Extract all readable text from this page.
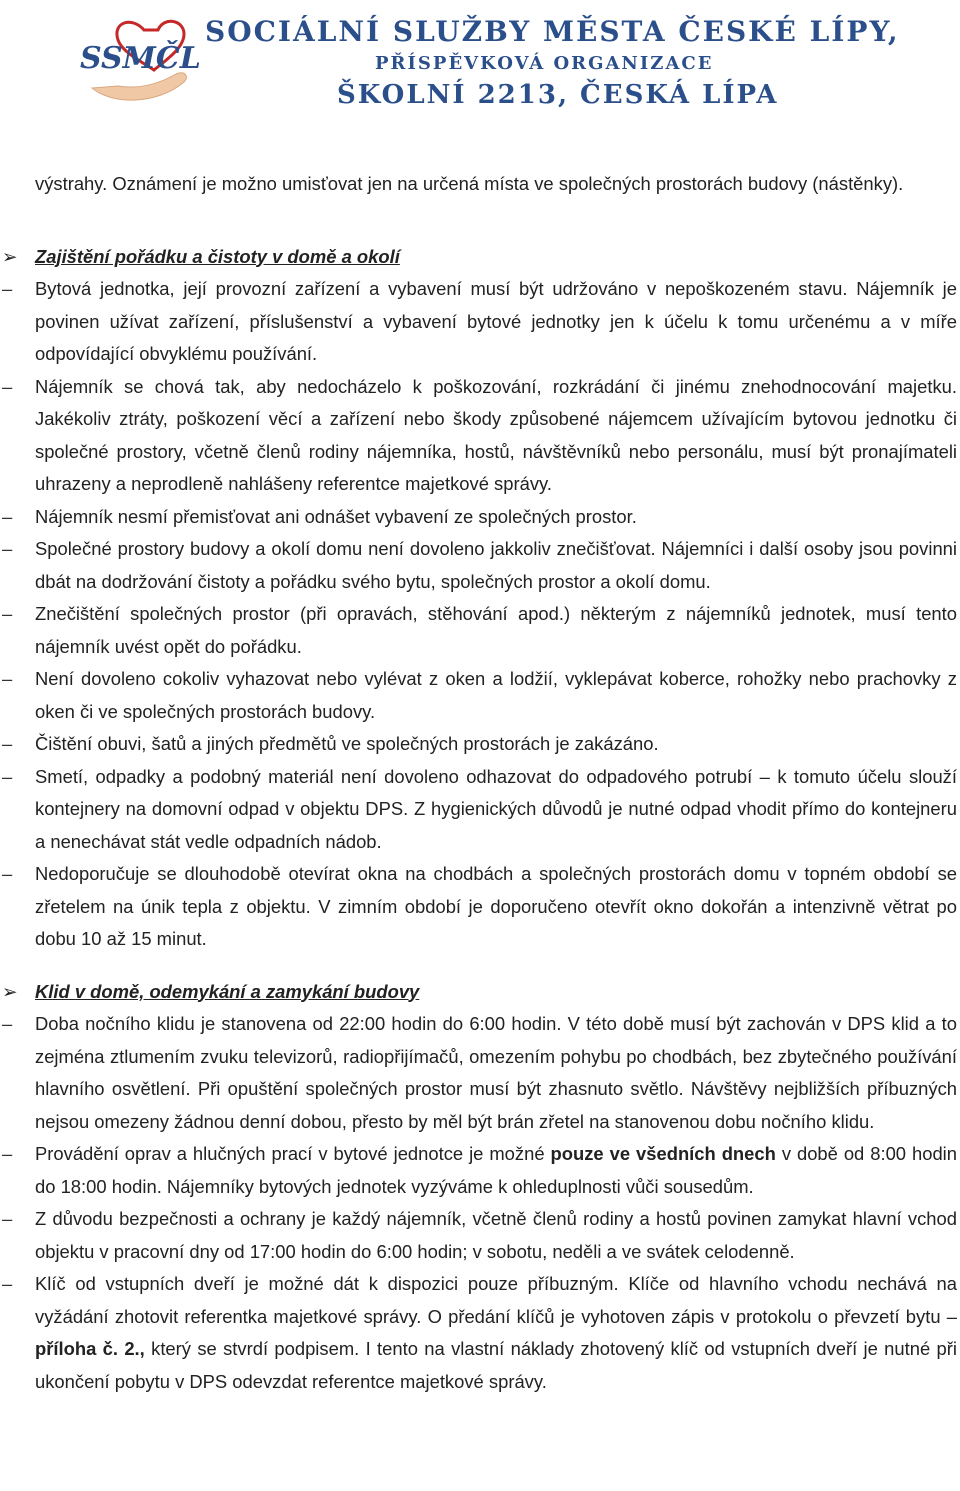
SSMČL
SOCIÁLNÍ SLUŽBY MĚSTA ČESKÉ LÍPY,
PŘÍSPĚVKOVÁ ORGANIZACE
ŠKOLNÍ 2213, ČESKÁ LÍPA

výstrahy. Oznámení je možno umisťovat jen na určená místa ve společných prostorách budovy (nástěnky).

➢ Zajištění pořádku a čistoty v domě a okolí

– Bytová jednotka, její provozní zařízení a vybavení musí být udržováno v nepoškozeném stavu. Nájemník je povinen užívat zařízení, příslušenství a vybavení bytové jednotky jen k účelu k tomu určenému a v míře odpovídající obvyklému používání.

– Nájemník se chová tak, aby nedocházelo k poškozování, rozkrádání či jinému znehodnocování majetku. Jakékoliv ztráty, poškození věcí a zařízení nebo škody způsobené nájemcem užívajícím bytovou jednotku či společné prostory, včetně členů rodiny nájemníka, hostů, návštěvníků nebo personálu, musí být pronajímateli uhrazeny a neprodleně nahlášeny referentce majetkové správy.

– Nájemník nesmí přemisťovat ani odnášet vybavení ze společných prostor.

– Společné prostory budovy a okolí domu není dovoleno jakkoliv znečišťovat. Nájemníci i další osoby jsou povinni dbát na dodržování čistoty a pořádku svého bytu, společných prostor a okolí domu.

– Znečištění společných prostor (při opravách, stěhování apod.) některým z nájemníků jednotek, musí tento nájemník uvést opět do pořádku.

– Není dovoleno cokoliv vyhazovat nebo vylévat z oken a lodžií, vyklepávat koberce, rohožky nebo prachovky z oken či ve společných prostorách budovy.

– Čištění obuvi, šatů a jiných předmětů ve společných prostorách je zakázáno.

– Smetí, odpadky a podobný materiál není dovoleno odhazovat do odpadového potrubí – k tomuto účelu slouží kontejnery na domovní odpad v objektu DPS. Z hygienických důvodů je nutné odpad vhodit přímo do kontejneru a nenechávat stát vedle odpadních nádob.

– Nedoporučuje se dlouhodobě otevírat okna na chodbách a společných prostorách domu v topném období se zřetelem na únik tepla z objektu. V zimním období je doporučeno otevřít okno dokořán a intenzivně větrat po dobu 10 až 15 minut.

➢ Klid v domě, odemykání a zamykání budovy

– Doba nočního klidu je stanovena od 22:00 hodin do 6:00 hodin. V této době musí být zachován v DPS klid a to zejména ztlumením zvuku televizorů, radiopřijímačů, omezením pohybu po chodbách, bez zbytečného používání hlavního osvětlení. Při opuštění společných prostor musí být zhasnuto světlo. Návštěvy nejbližších příbuzných nejsou omezeny žádnou denní dobou, přesto by měl být brán zřetel na stanovenou dobu nočního klidu.

– Provádění oprav a hlučných prací v bytové jednotce je možné pouze ve všedních dnech v době od 8:00 hodin do 18:00 hodin. Nájemníky bytových jednotek vyzýváme k ohleduplnosti vůči sousedům.

– Z důvodu bezpečnosti a ochrany je každý nájemník, včetně členů rodiny a hostů povinen zamykat hlavní vchod objektu v pracovní dny od 17:00 hodin do 6:00 hodin; v sobotu, neděli a ve svátek celodenně.

– Klíč od vstupních dveří je možné dát k dispozici pouze příbuzným. Klíče od hlavního vchodu nechává na vyžádání zhotovit referentka majetkové správy. O předání klíčů je vyhotoven zápis v protokolu o převzetí bytu – příloha č. 2., který se stvrdí podpisem. I tento na vlastní náklady zhotovený klíč od vstupních dveří je nutné při ukončení pobytu v DPS odevzdat referentce majetkové správy.
